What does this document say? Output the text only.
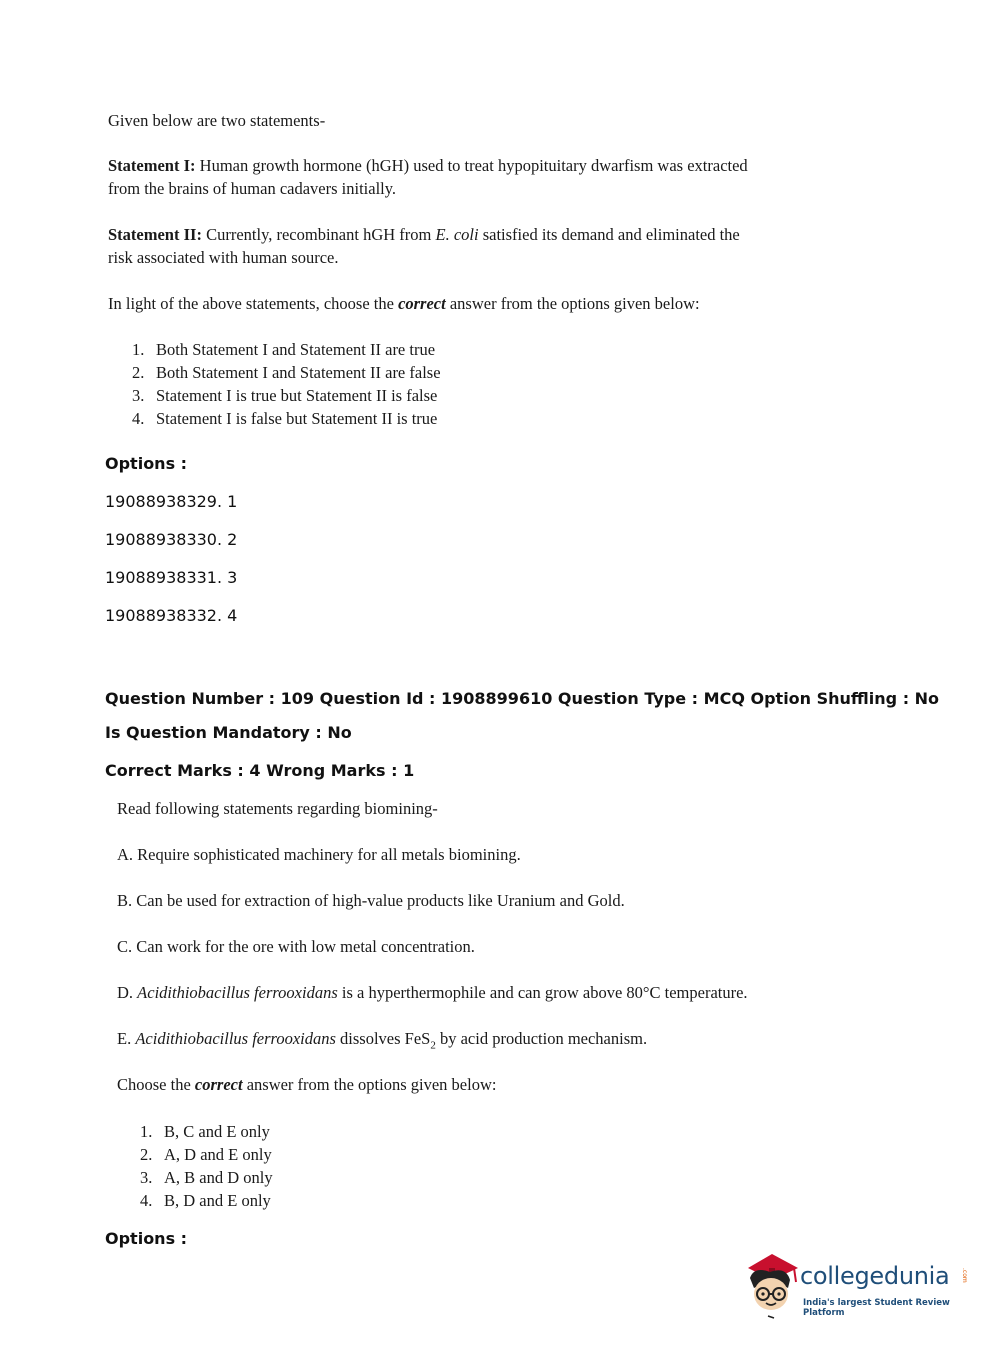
Given below are two statements-
Statement I: Human growth hormone (hGH) used to treat hypopituitary dwarfism was extracted
from the brains of human cadavers initially.
Statement II: Currently, recombinant hGH from E. coli satisfied its demand and eliminated the
risk associated with human source.
In light of the above statements, choose the correct answer from the options given below:
1. Both Statement I and Statement II are true
2. Both Statement I and Statement II are false
3. Statement I is true but Statement II is false
4. Statement I is false but Statement II is true
Options :
19088938329. 1
19088938330. 2
19088938331. 3
19088938332. 4
Question Number : 109 Question Id : 1908899610 Question Type : MCQ Option Shuffling : No
Is Question Mandatory : No
Correct Marks : 4 Wrong Marks : 1
Read following statements regarding biomining-
A. Require sophisticated machinery for all metals biomining.
B. Can be used for extraction of high-value products like Uranium and Gold.
C. Can work for the ore with low metal concentration.
D. Acidithiobacillus ferrooxidans is a hyperthermophile and can grow above 80°C temperature.
E. Acidithiobacillus ferrooxidans dissolves FeS$_2$ by acid production mechanism.
Choose the correct answer from the options given below:
1. B, C and E only
2. A, D and E only
3. A, B and D only
4. B, D and E only
Options :
collegedunia .com
India's largest Student Review Platform
